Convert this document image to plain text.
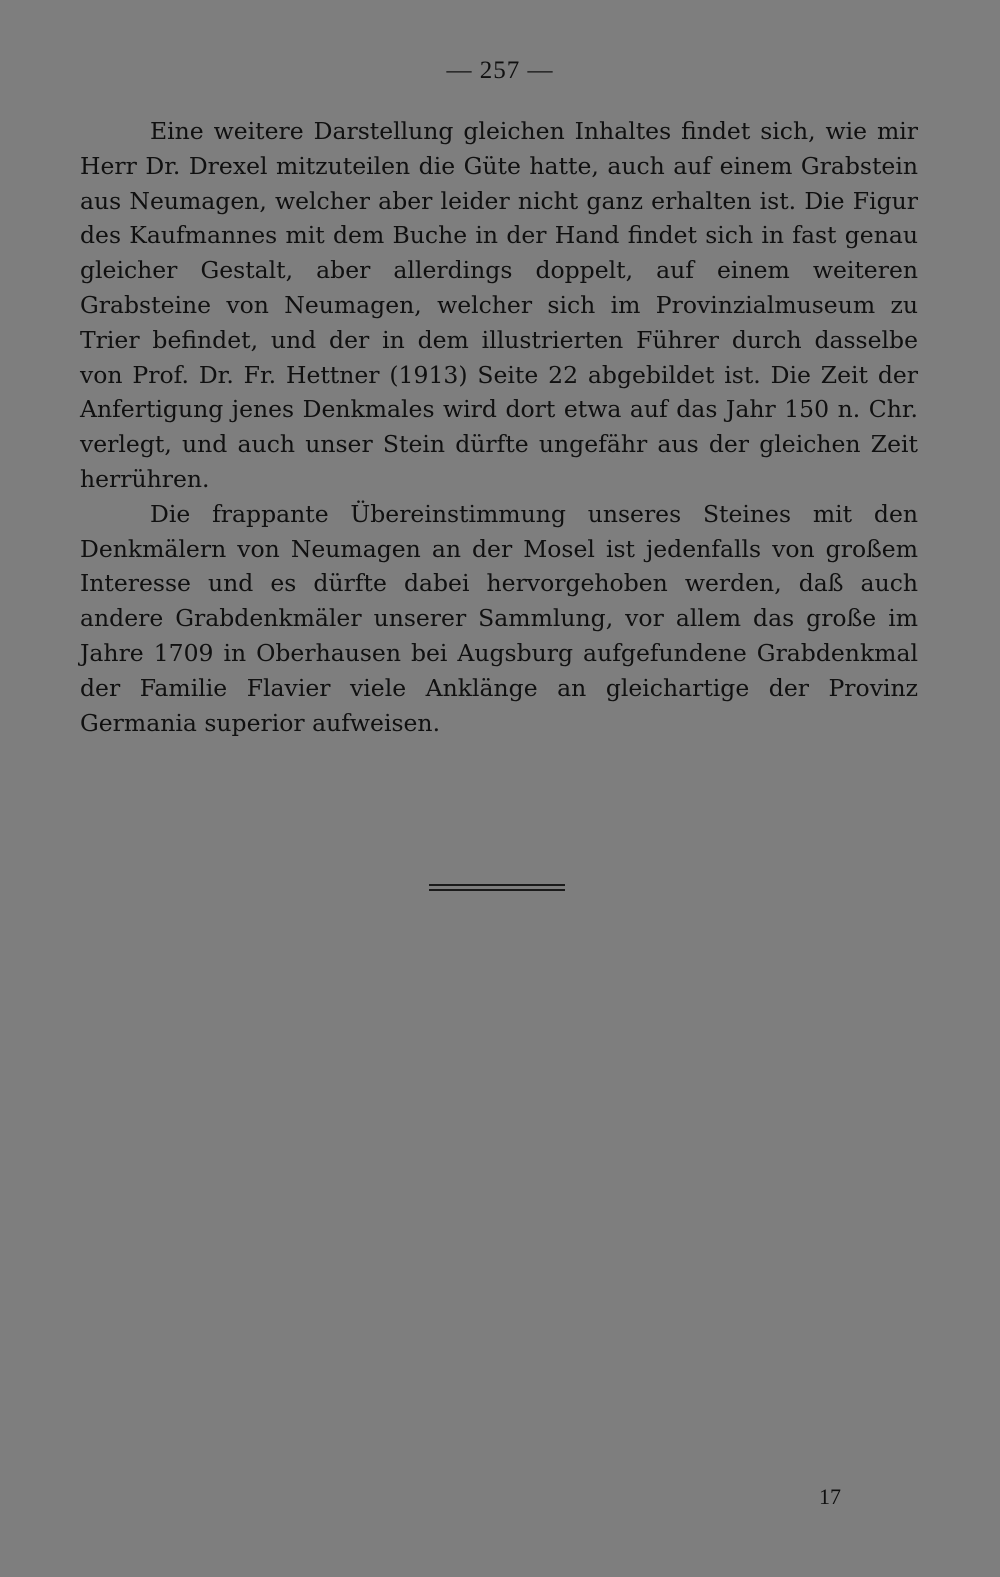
— 257 —

Eine weitere Darstellung gleichen Inhaltes findet sich, wie mir Herr Dr. Drexel mitzuteilen die Güte hatte, auch auf einem Grabstein aus Neumagen, welcher aber leider nicht ganz erhalten ist. Die Figur des Kaufmannes mit dem Buche in der Hand findet sich in fast genau gleicher Gestalt, aber allerdings doppelt, auf einem weiteren Grabsteine von Neumagen, welcher sich im Provinzialmuseum zu Trier befindet, und der in dem illustrierten Führer durch dasselbe von Prof. Dr. Fr. Hettner (1913) Seite 22 abgebildet ist. Die Zeit der Anfertigung jenes Denkmales wird dort etwa auf das Jahr 150 n. Chr. verlegt, und auch unser Stein dürfte ungefähr aus der gleichen Zeit herrühren.

Die frappante Übereinstimmung unseres Steines mit den Denkmälern von Neumagen an der Mosel ist jedenfalls von großem Interesse und es dürfte dabei hervorgehoben werden, daß auch andere Grabdenkmäler unserer Sammlung, vor allem das große im Jahre 1709 in Oberhausen bei Augsburg aufgefundene Grabdenkmal der Familie Flavier viele Anklänge an gleichartige der Provinz Germania superior aufweisen.

17
